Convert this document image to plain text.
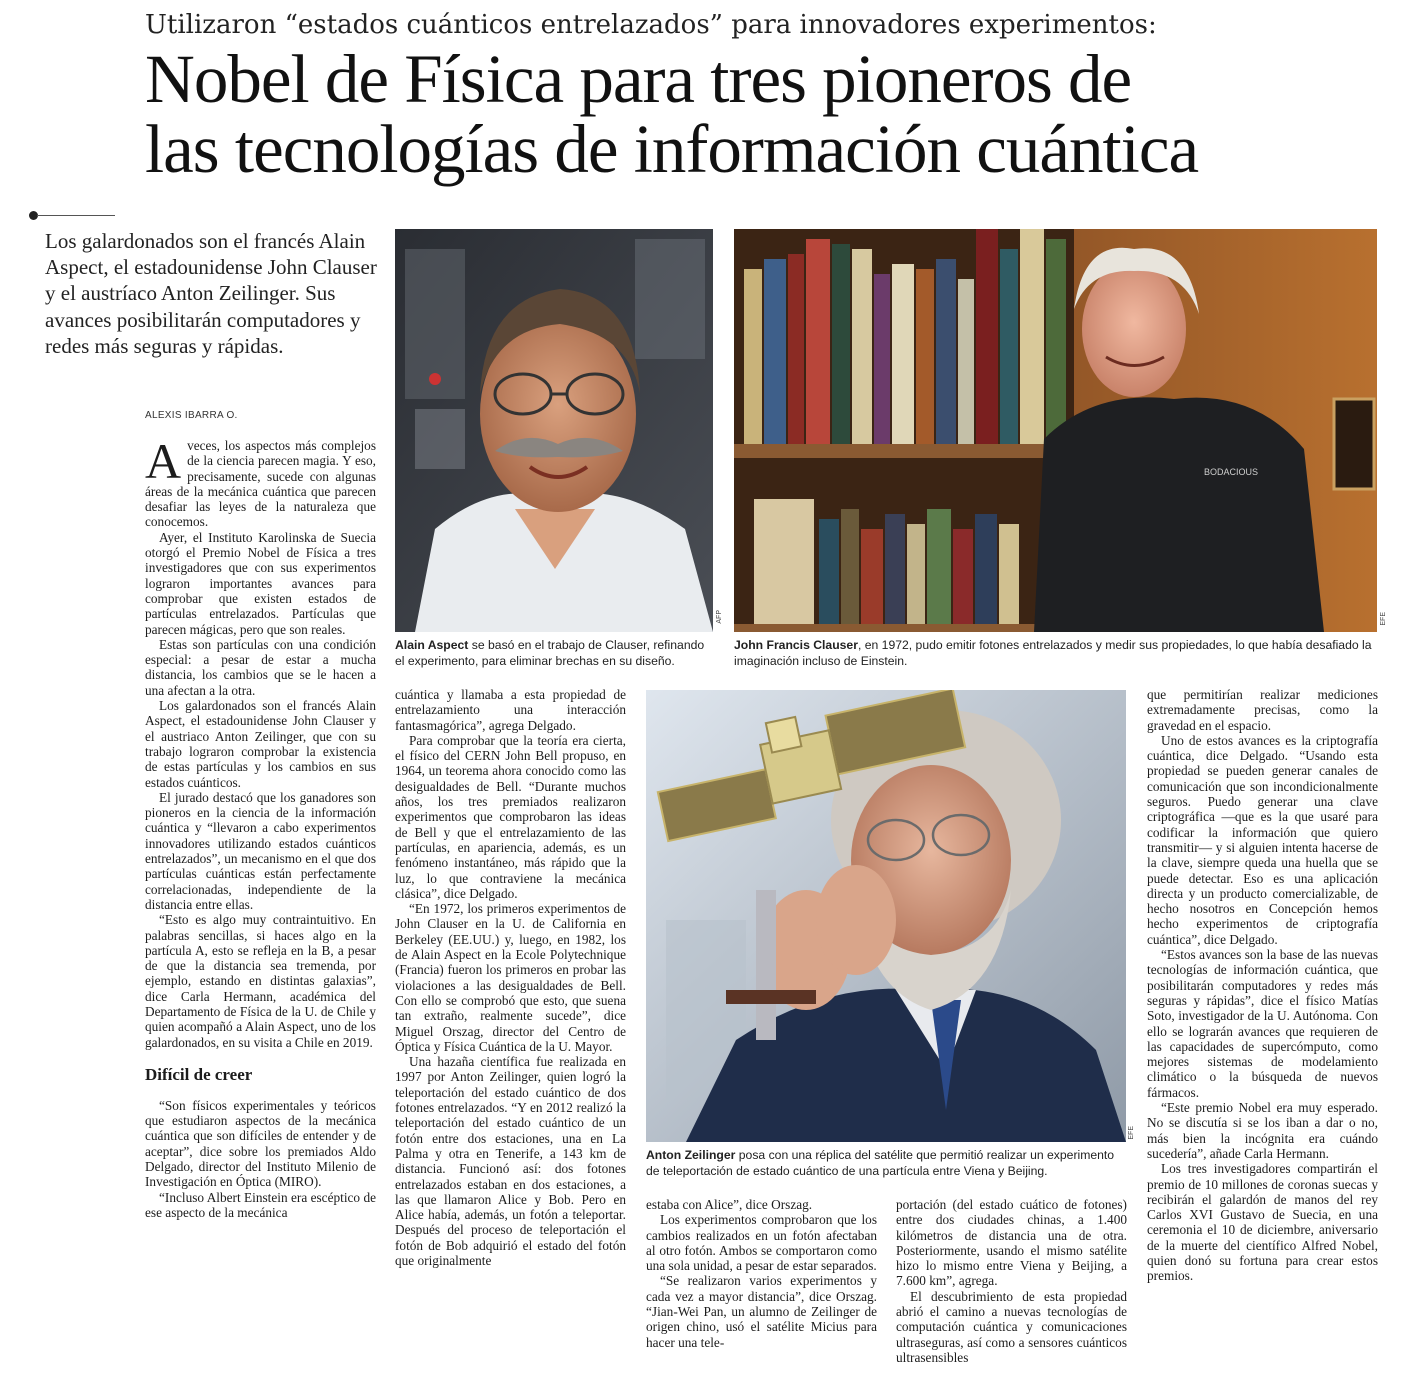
Utilizaron “estados cuánticos entrelazados” para innovadores experimentos:
Nobel de Física para tres pioneros de
las tecnologías de información cuántica
Los galardonados son el francés Alain Aspect, el estadounidense John Clauser y el austríaco Anton Zeilinger. Sus avances posibilitarán computadores y redes más seguras y rápidas.
ALEXIS IBARRA O.
AFP
Alain Aspect se basó en el trabajo de Clauser, refinando el experimento, para eliminar brechas en su diseño.
BODACIOUS
EFE
John Francis Clauser, en 1972, pudo emitir fotones entrelazados y medir sus propiedades, lo que había desafiado la imaginación incluso de Einstein.
EFE
Anton Zeilinger posa con una réplica del satélite que permitió realizar un experimento de teleportación de estado cuántico de una partícula entre Viena y Beijing.

Aveces, los aspectos más complejos de la ciencia parecen magia. Y eso, precisamente, sucede con algunas áreas de la mecánica cuántica que parecen desafiar las leyes de la naturaleza que conocemos.

Ayer, el Instituto Karolinska de Suecia otorgó el Premio Nobel de Física a tres investigadores que con sus experimentos lograron importantes avances para comprobar que existen estados de partículas entrelazados. Partículas que parecen mágicas, pero que son reales.

Estas son partículas con una condición especial: a pesar de estar a mucha distancia, los cambios que se le hacen a una afectan a la otra.

Los galardonados son el francés Alain Aspect, el estadounidense John Clauser y el austriaco Anton Zeilinger, que con su trabajo lograron comprobar la existencia de estas partículas y los cambios en sus estados cuánticos.

El jurado destacó que los ganadores son pioneros en la ciencia de la información cuántica y “llevaron a cabo experimentos innovadores utilizando estados cuánticos entrelazados”, un mecanismo en el que dos partículas cuánticas están perfectamente correlacionadas, independiente de la distancia entre ellas.

“Esto es algo muy contraintuitivo. En palabras sencillas, si haces algo en la partícula A, esto se refleja en la B, a pesar de que la distancia sea tremenda, por ejemplo, estando en distintas galaxias”, dice Carla Hermann, académica del Departamento de Física de la U. de Chile y quien acompañó a Alain Aspect, uno de los galardonados, en su visita a Chile en 2019.

Difícil de creer

“Son físicos experimentales y teóricos que estudiaron aspectos de la mecánica cuántica que son difíciles de entender y de aceptar”, dice sobre los premiados Aldo Delgado, director del Instituto Milenio de Investigación en Óptica (MIRO).

“Incluso Albert Einstein era escéptico de ese aspecto de la mecánica

cuántica y llamaba a esta propiedad de entrelazamiento una interacción fantasmagórica”, agrega Delgado.

Para comprobar que la teoría era cierta, el físico del CERN John Bell propuso, en 1964, un teorema ahora conocido como las desigualdades de Bell. “Durante muchos años, los tres premiados realizaron experimentos que comprobaron las ideas de Bell y que el entrelazamiento de las partículas, en apariencia, además, es un fenómeno instantáneo, más rápido que la luz, lo que contraviene la mecánica clásica”, dice Delgado.

“En 1972, los primeros experimentos de John Clauser en la U. de California en Berkeley (EE.UU.) y, luego, en 1982, los de Alain Aspect en la Ecole Polytechnique (Francia) fueron los primeros en probar las violaciones a las desigualdades de Bell. Con ello se comprobó que esto, que suena tan extraño, realmente sucede”, dice Miguel Orszag, director del Centro de Óptica y Física Cuántica de la U. Mayor.

Una hazaña científica fue realizada en 1997 por Anton Zeilinger, quien logró la teleportación del estado cuántico de dos fotones entrelazados. “Y en 2012 realizó la teleportación del estado cuántico de un fotón entre dos estaciones, una en La Palma y otra en Tenerife, a 143 km de distancia. Funcionó así: dos fotones entrelazados estaban en dos estaciones, a las que llamaron Alice y Bob. Pero en Alice había, además, un fotón a teleportar. Después del proceso de teleportación el fotón de Bob adquirió el estado del fotón que originalmente

estaba con Alice”, dice Orszag.

Los experimentos comprobaron que los cambios realizados en un fotón afectaban al otro fotón. Ambos se comportaron como una sola unidad, a pesar de estar separados.

“Se realizaron varios experimentos y cada vez a mayor distancia”, dice Orszag. “Jian-Wei Pan, un alumno de Zeilinger de origen chino, usó el satélite Micius para hacer una tele-

portación (del estado cuático de fotones) entre dos ciudades chinas, a 1.400 kilómetros de distancia una de otra. Posteriormente, usando el mismo satélite hizo lo mismo entre Viena y Beijing, a 7.600 km”, agrega.

El descubrimiento de esta propiedad abrió el camino a nuevas tecnologías de computación cuántica y comunicaciones ultraseguras, así como a sensores cuánticos ultrasensibles

que permitirían realizar mediciones extremadamente precisas, como la gravedad en el espacio.

Uno de estos avances es la criptografía cuántica, dice Delgado. “Usando esta propiedad se pueden generar canales de comunicación que son incondicionalmente seguros. Puedo generar una clave criptográfica —que es la que usaré para codificar la información que quiero transmitir— y si alguien intenta hacerse de la clave, siempre queda una huella que se puede detectar. Eso es una aplicación directa y un producto comercializable, de hecho nosotros en Concepción hemos hecho experimentos de criptografía cuántica”, dice Delgado.

“Estos avances son la base de las nuevas tecnologías de información cuántica, que posibilitarán computadores y redes más seguras y rápidas”, dice el físico Matías Soto, investigador de la U. Autónoma. Con ello se lograrán avances que requieren de las capacidades de supercómputo, como mejores sistemas de modelamiento climático o la búsqueda de nuevos fármacos.

“Este premio Nobel era muy esperado. No se discutía si se los iban a dar o no, más bien la incógnita era cuándo sucedería”, añade Carla Hermann.

Los tres investigadores compartirán el premio de 10 millones de coronas suecas y recibirán el galardón de manos del rey Carlos XVI Gustavo de Suecia, en una ceremonia el 10 de diciembre, aniversario de la muerte del científico Alfred Nobel, quien donó su fortuna para crear estos premios.
